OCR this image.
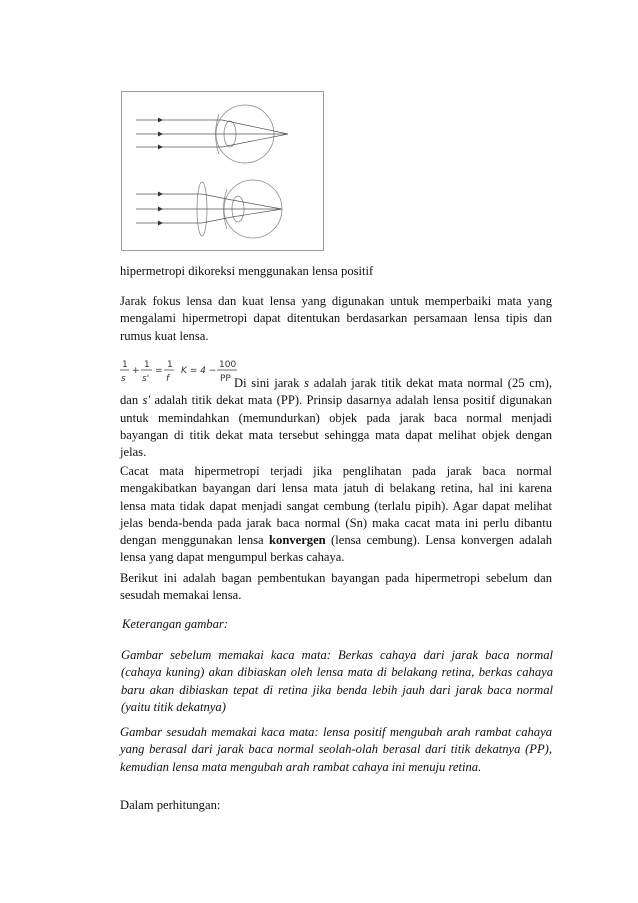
hipermetropi dikoreksi menggunakan lensa positif

Jarak fokus lensa dan kuat lensa yang digunakan untuk memperbaiki mata yang mengalami hipermetropi dapat ditentukan berdasarkan persamaan lensa tipis dan rumus kuat lensa.

1
s
+
1
s'
=
1
f
K = 4 −
100
PP Di sini jarak s adalah jarak titik dekat mata normal (25 cm), dan s' adalah titik dekat mata (PP). Prinsip dasarnya adalah lensa positif digunakan untuk memindahkan (memundurkan) objek pada jarak baca normal menjadi bayangan di titik dekat mata tersebut sehingga mata dapat melihat objek dengan jelas.

Cacat mata hipermetropi terjadi jika penglihatan pada jarak baca normal mengakibatkan bayangan dari lensa mata jatuh di belakang retina, hal ini karena lensa mata tidak dapat menjadi sangat cembung (terlalu pipih). Agar dapat melihat jelas benda-benda pada jarak baca normal (Sn) maka cacat mata ini perlu dibantu dengan menggunakan lensa konvergen (lensa cembung). Lensa konvergen adalah lensa yang dapat mengumpul berkas cahaya.

Berikut ini adalah bagan pembentukan bayangan pada hipermetropi sebelum dan sesudah memakai lensa.

Keterangan gambar:

Gambar sebelum memakai kaca mata: Berkas cahaya dari jarak baca normal (cahaya kuning) akan dibiaskan oleh lensa mata di belakang retina, berkas cahaya baru akan dibiaskan tepat di retina jika benda lebih jauh dari jarak baca normal (yaitu titik dekatnya)

Gambar sesudah memakai kaca mata: lensa positif mengubah arah rambat cahaya yang berasal dari jarak baca normal seolah-olah berasal dari titik dekatnya (PP), kemudian lensa mata mengubah arah rambat cahaya ini menuju retina.

Dalam perhitungan:
